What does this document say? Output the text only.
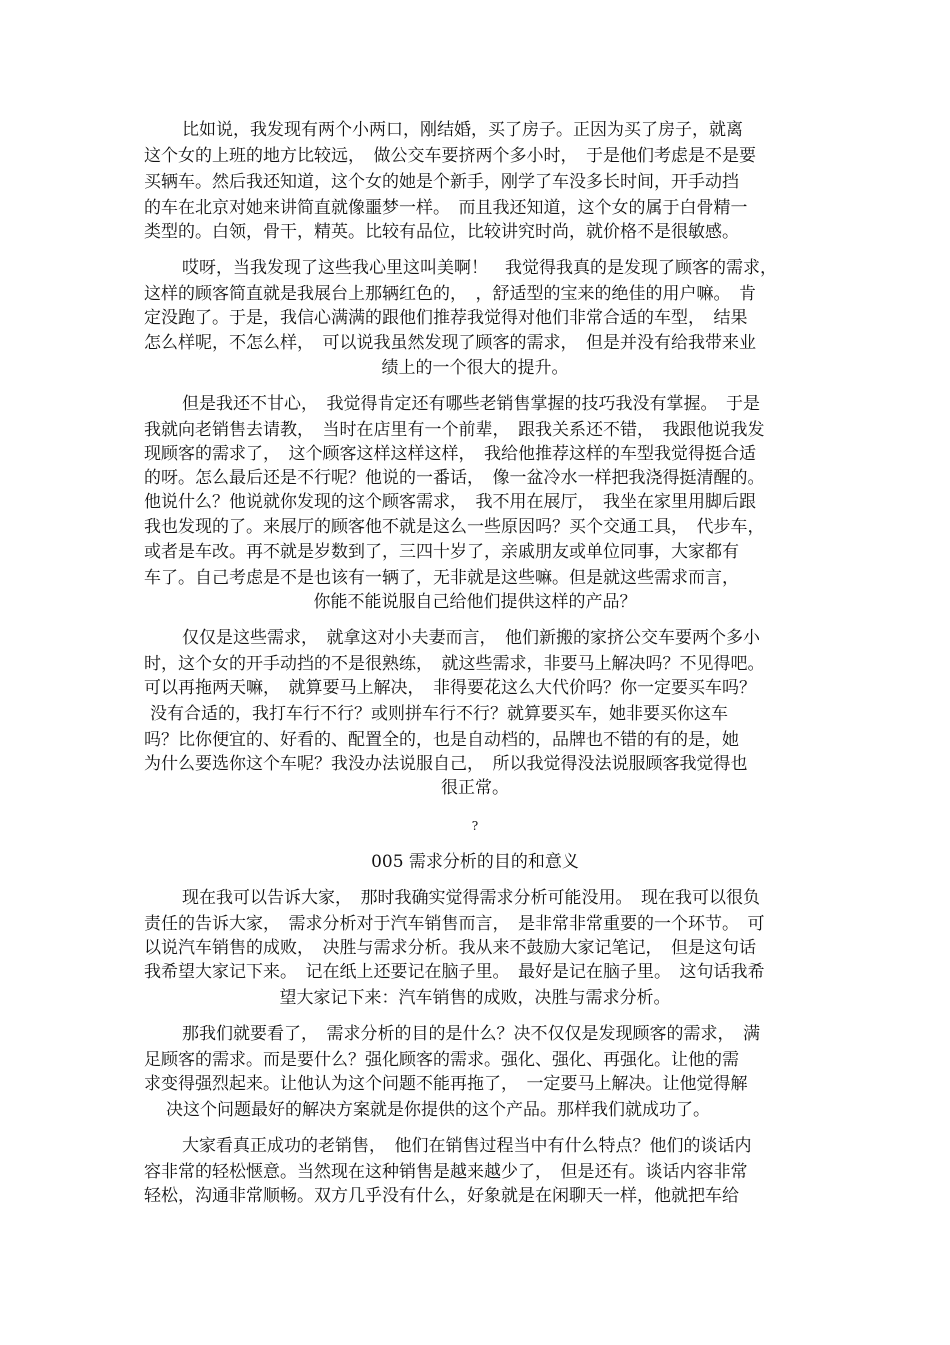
比如说，我发现有两个小两口，刚结婚，买了房子。正因为买了房子，就离
这个女的上班的地方比较远，　做公交车要挤两个多小时，　于是他们考虑是不是要
买辆车。然后我还知道，这个女的她是个新手，刚学了车没多长时间，开手动挡
的车在北京对她来讲简直就像噩梦一样。　而且我还知道，这个女的属于白骨精一
类型的。白领，骨干，精英。比较有品位，比较讲究时尚，就价格不是很敏感。
哎呀，当我发现了这些我心里这叫美啊！　我觉得我真的是发现了顾客的需求，
这样的顾客简直就是我展台上那辆红色的，　，舒适型的宝来的绝佳的用户嘛。　肯
定没跑了。于是，我信心满满的跟他们推荐我觉得对他们非常合适的车型，　结果
怎么样呢，不怎么样，　可以说我虽然发现了顾客的需求，　但是并没有给我带来业
绩上的一个很大的提升。
但是我还不甘心，　我觉得肯定还有哪些老销售掌握的技巧我没有掌握。　于是
我就向老销售去请教，　当时在店里有一个前辈，　跟我关系还不错，　我跟他说我发
现顾客的需求了，　这个顾客这样这样这样，　我给他推荐这样的车型我觉得挺合适
的呀。怎么最后还是不行呢？他说的一番话，　像一盆冷水一样把我浇得挺清醒的。
他说什么？他说就你发现的这个顾客需求，　我不用在展厅，　我坐在家里用脚后跟
我也发现的了。来展厅的顾客他不就是这么一些原因吗？买个交通工具，　代步车，
或者是车改。再不就是岁数到了，三四十岁了，亲戚朋友或单位同事，大家都有
车了。自己考虑是不是也该有一辆了，无非就是这些嘛。但是就这些需求而言，
你能不能说服自己给他们提供这样的产品？
仅仅是这些需求，　就拿这对小夫妻而言，　他们新搬的家挤公交车要两个多小
时，这个女的开手动挡的不是很熟练，　就这些需求，非要马上解决吗？不见得吧。
可以再拖两天嘛，　就算要马上解决，　非得要花这么大代价吗？你一定要买车吗？
没有合适的，我打车行不行？或则拼车行不行？就算要买车，她非要买你这车
吗？比你便宜的、好看的、配置全的，也是自动档的，品牌也不错的有的是，她
为什么要选你这个车呢？我没办法说服自己，　所以我觉得没法说服顾客我觉得也
很正常。
?
005 需求分析的目的和意义
现在我可以告诉大家，　那时我确实觉得需求分析可能没用。　现在我可以很负
责任的告诉大家，　需求分析对于汽车销售而言，　是非常非常重要的一个环节。　可
以说汽车销售的成败，　决胜与需求分析。我从来不鼓励大家记笔记，　但是这句话
我希望大家记下来。　记在纸上还要记在脑子里。　最好是记在脑子里。　这句话我希
望大家记下来：汽车销售的成败，决胜与需求分析。
那我们就要看了，　需求分析的目的是什么？决不仅仅是发现顾客的需求，　满
足顾客的需求。而是要什么？强化顾客的需求。强化、强化、再强化。让他的需
求变得强烈起来。让他认为这个问题不能再拖了，　一定要马上解决。让他觉得解
决这个问题最好的解决方案就是你提供的这个产品。那样我们就成功了。
大家看真正成功的老销售，　他们在销售过程当中有什么特点？他们的谈话内
容非常的轻松惬意。当然现在这种销售是越来越少了，　但是还有。谈话内容非常
轻松，沟通非常顺畅。双方几乎没有什么，好象就是在闲聊天一样，他就把车给
